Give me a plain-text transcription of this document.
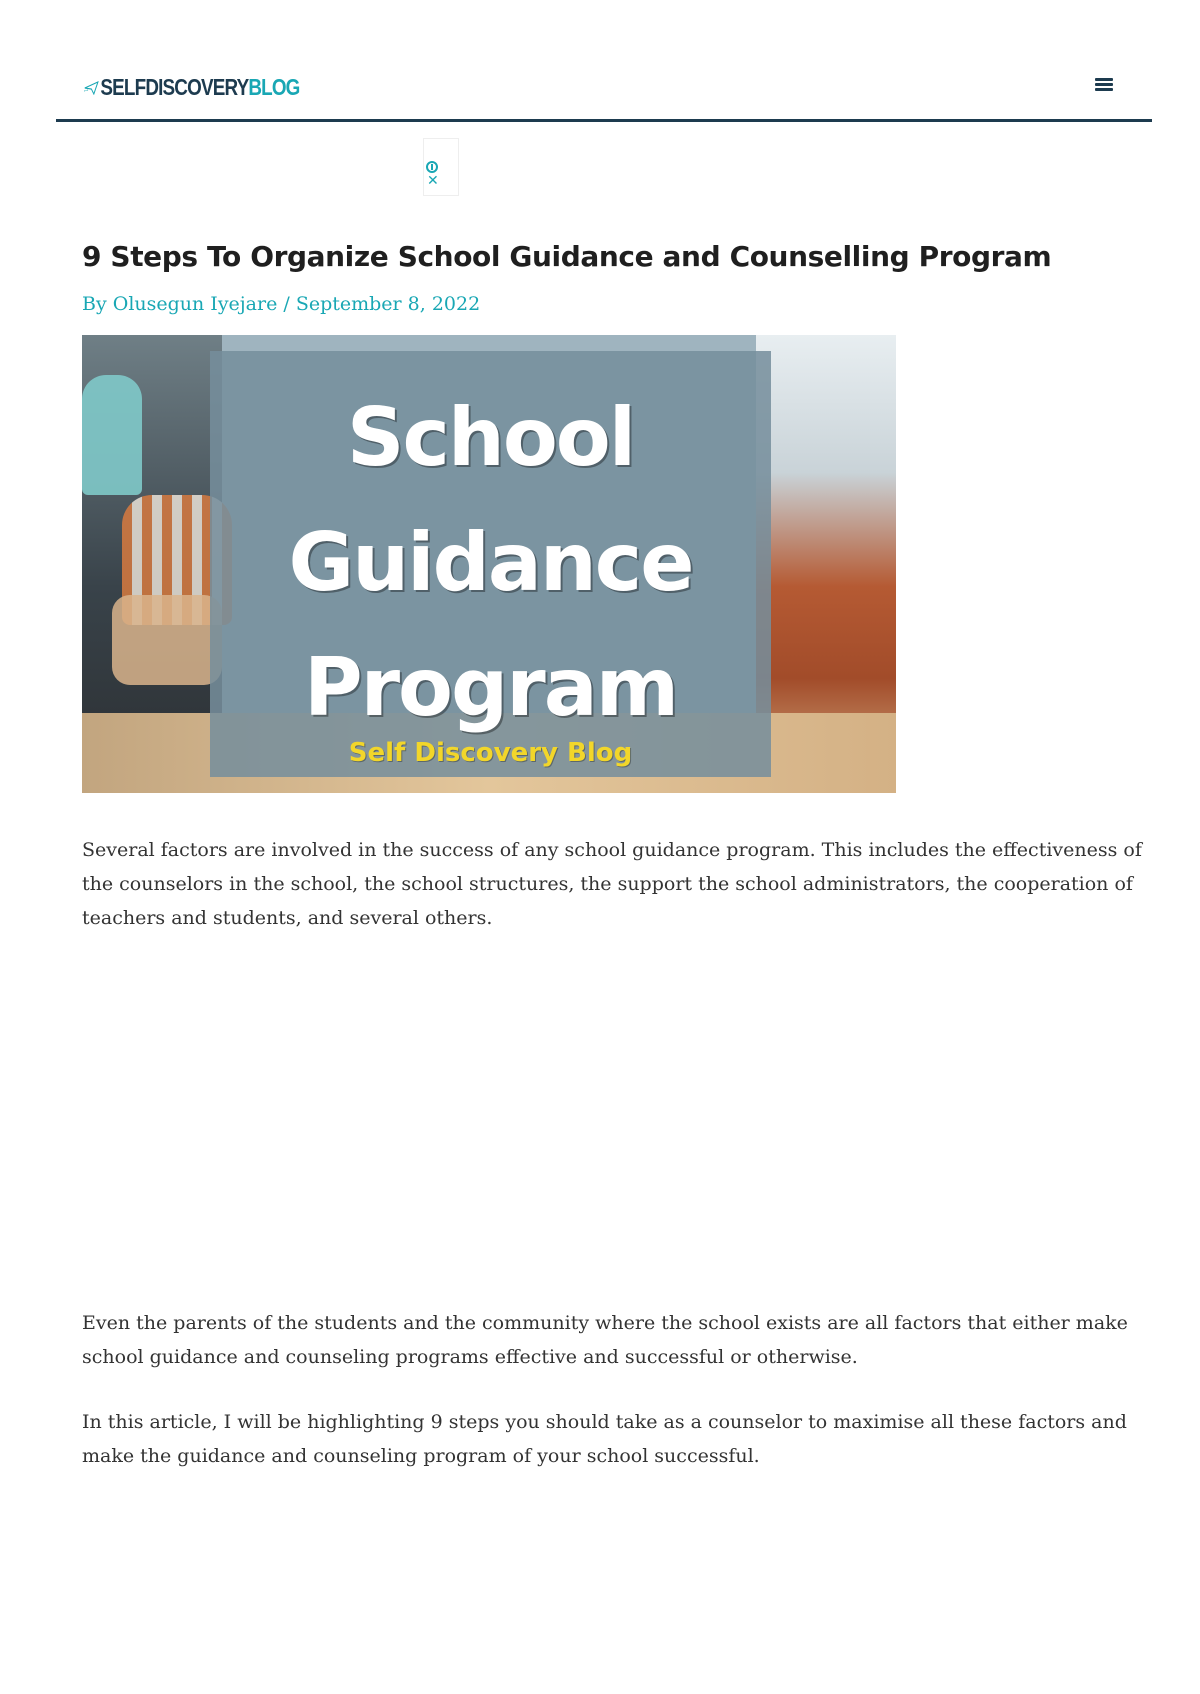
SELFDISCOVERY BLOG
✕
9 Steps To Organize School Guidance and Counselling Program
By Olusegun Iyejare / September 8, 2022
School
Guidance
Program
Self Discovery Blog

Several factors are involved in the success of any school guidance program. This includes the effectiveness of the counselors in the school, the school structures, the support the school administrators, the cooperation of teachers and students, and several others.

Even the parents of the students and the community where the school exists are all factors that either make school guidance and counseling programs effective and successful or otherwise.

In this article, I will be highlighting 9 steps you should take as a counselor to maximise all these factors and make the guidance and counseling program of your school successful.
